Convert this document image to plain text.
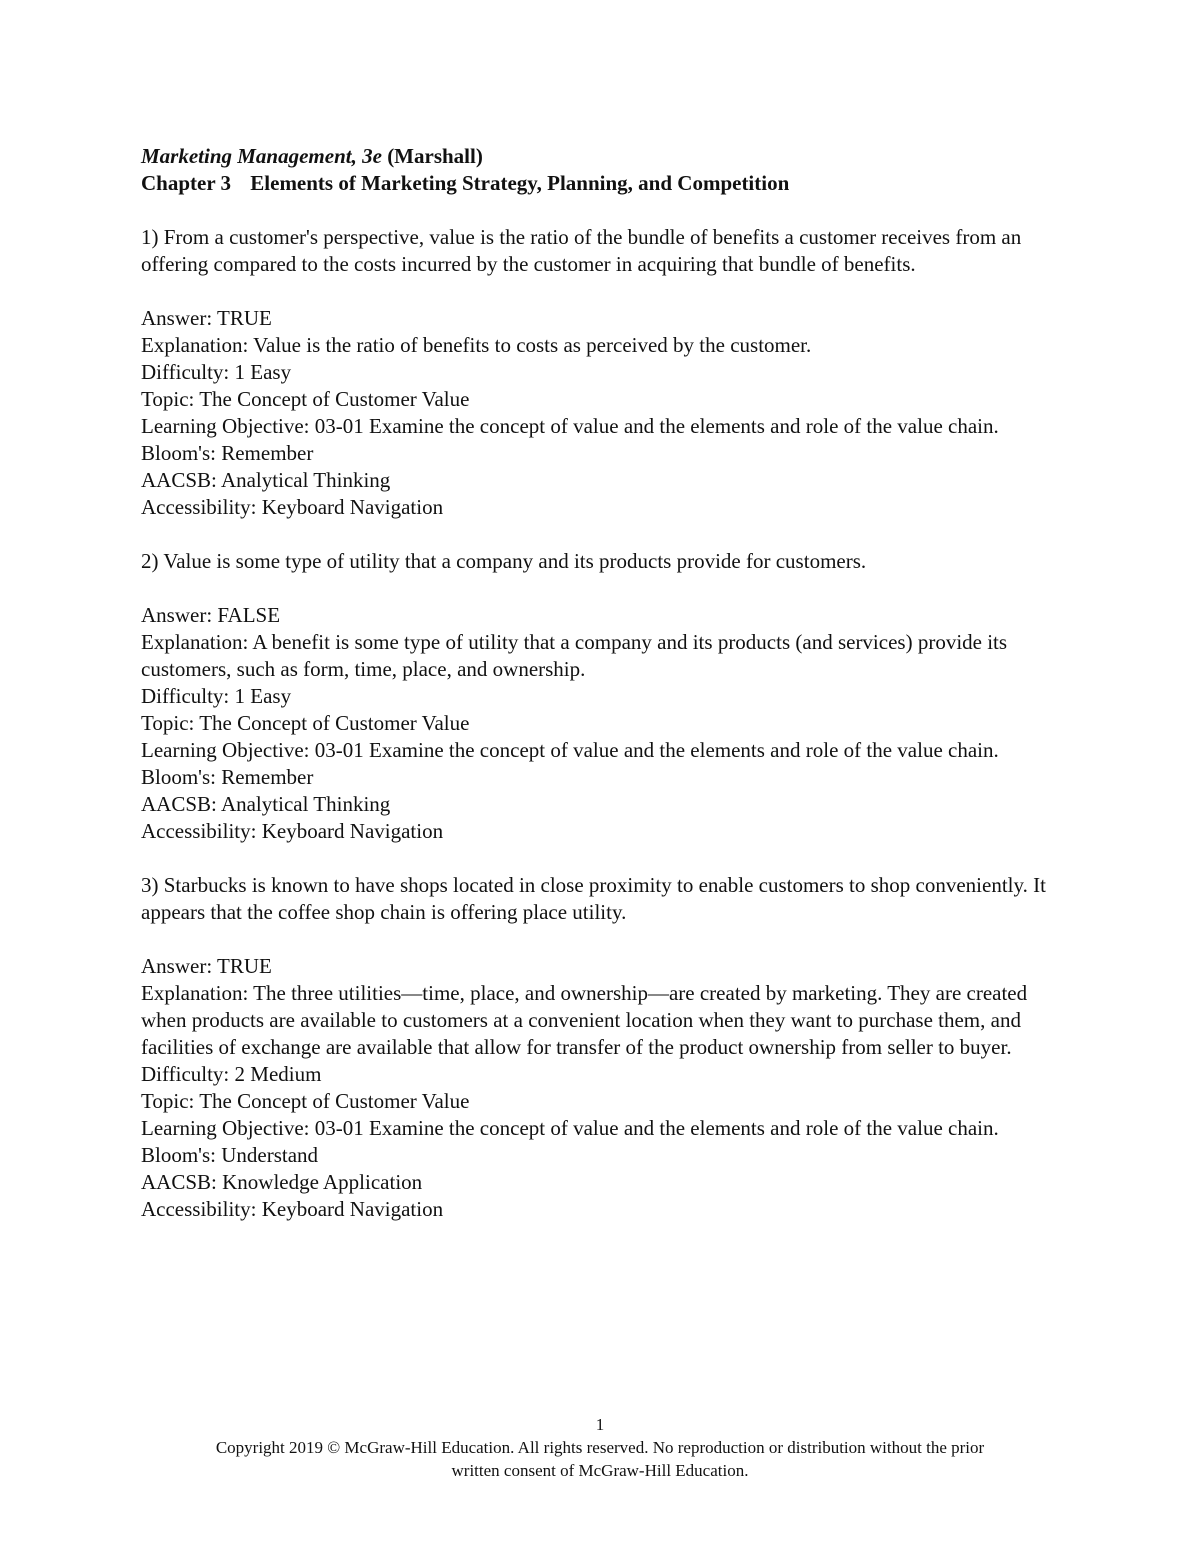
Marketing Management, 3e (Marshall)
Chapter 3 Elements of Marketing Strategy, Planning, and Competition
1) From a customer's perspective, value is the ratio of the bundle of benefits a customer receives from an offering compared to the costs incurred by the customer in acquiring that bundle of benefits.
Answer: TRUE
Explanation: Value is the ratio of benefits to costs as perceived by the customer.
Difficulty: 1 Easy
Topic: The Concept of Customer Value
Learning Objective: 03-01 Examine the concept of value and the elements and role of the value chain.
Bloom's: Remember
AACSB: Analytical Thinking
Accessibility: Keyboard Navigation
2) Value is some type of utility that a company and its products provide for customers.
Answer: FALSE
Explanation: A benefit is some type of utility that a company and its products (and services) provide its customers, such as form, time, place, and ownership.
Difficulty: 1 Easy
Topic: The Concept of Customer Value
Learning Objective: 03-01 Examine the concept of value and the elements and role of the value chain.
Bloom's: Remember
AACSB: Analytical Thinking
Accessibility: Keyboard Navigation
3) Starbucks is known to have shops located in close proximity to enable customers to shop conveniently. It appears that the coffee shop chain is offering place utility.
Answer: TRUE
Explanation: The three utilities—time, place, and ownership—are created by marketing. They are created when products are available to customers at a convenient location when they want to purchase them, and facilities of exchange are available that allow for transfer of the product ownership from seller to buyer.
Difficulty: 2 Medium
Topic: The Concept of Customer Value
Learning Objective: 03-01 Examine the concept of value and the elements and role of the value chain.
Bloom's: Understand
AACSB: Knowledge Application
Accessibility: Keyboard Navigation
1
Copyright 2019 © McGraw-Hill Education. All rights reserved. No reproduction or distribution without the prior
written consent of McGraw-Hill Education.
